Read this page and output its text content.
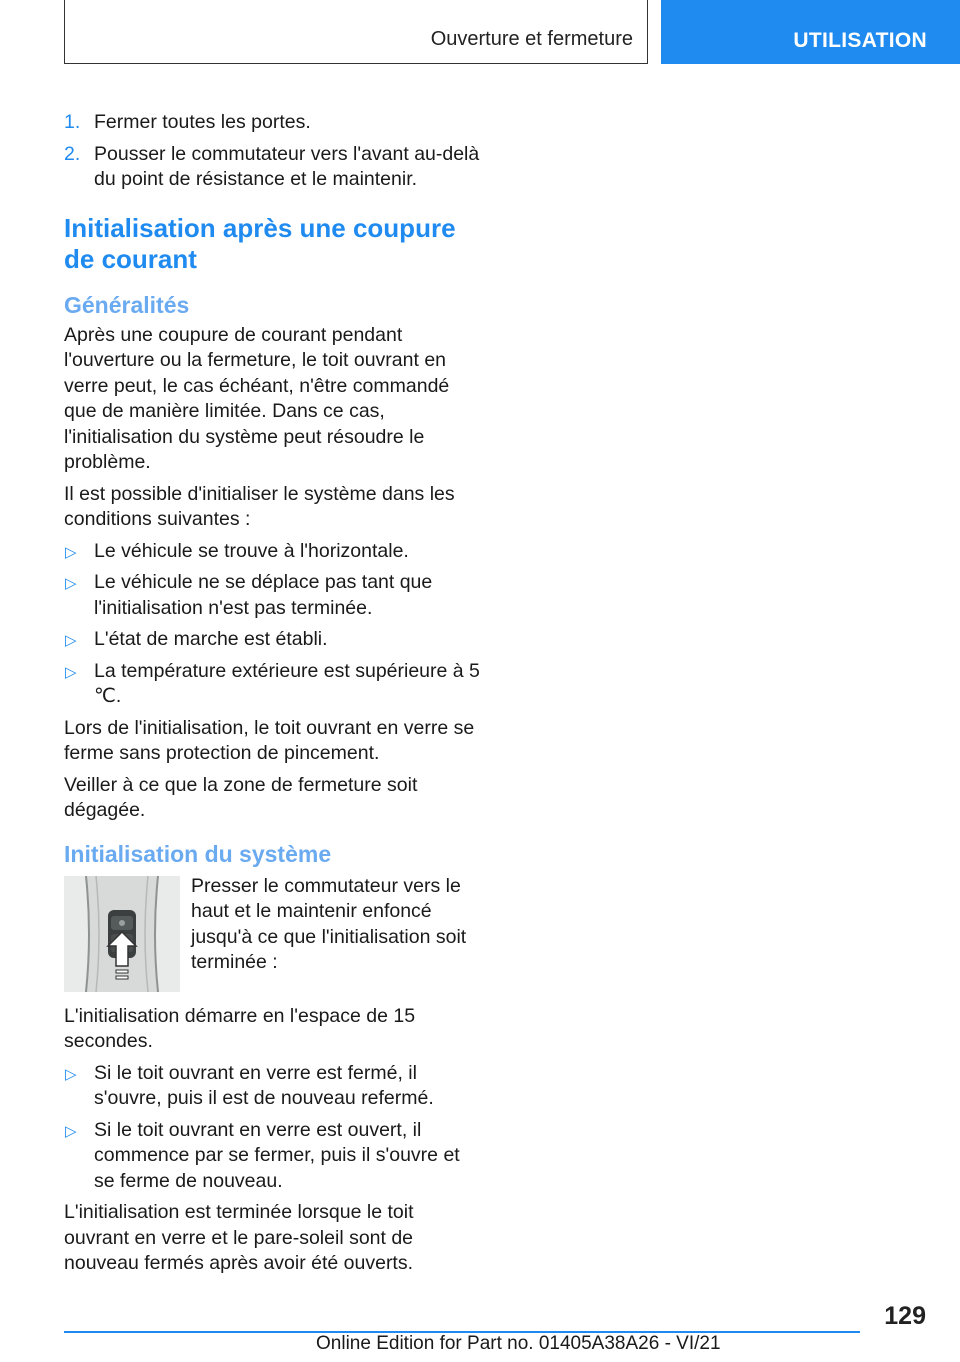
Ouverture et fermeture	UTILISATION
1. Fermer toutes les portes.
2. Pousser le commutateur vers l'avant au-delà du point de résistance et le maintenir.
Initialisation après une coupure de courant
Généralités

Après une coupure de courant pendant l'ouverture ou la fermeture, le toit ouvrant en verre peut, le cas échéant, n'être commandé que de manière limitée. Dans ce cas, l'initialisation du système peut résoudre le problème.

Il est possible d'initialiser le système dans les conditions suivantes :

▷ Le véhicule se trouve à l'horizontale.
▷ Le véhicule ne se déplace pas tant que l'initialisation n'est pas terminée.
▷ L'état de marche est établi.
▷ La température extérieure est supérieure à 5 ℃.

Lors de l'initialisation, le toit ouvrant en verre se ferme sans protection de pincement.

Veiller à ce que la zone de fermeture soit dégagée.

Initialisation du système
Presser le commutateur vers le haut et le maintenir enfoncé jusqu'à ce que l'initialisation soit terminée :

L'initialisation démarre en l'espace de 15 secondes.

▷ Si le toit ouvrant en verre est fermé, il s'ouvre, puis il est de nouveau refermé.
▷ Si le toit ouvrant en verre est ouvert, il commence par se fermer, puis il s'ouvre et se ferme de nouveau.

L'initialisation est terminée lorsque le toit ouvrant en verre et le pare-soleil sont de nouveau fermés après avoir été ouverts.

129
Online Edition for Part no. 01405A38A26 - VI/21
